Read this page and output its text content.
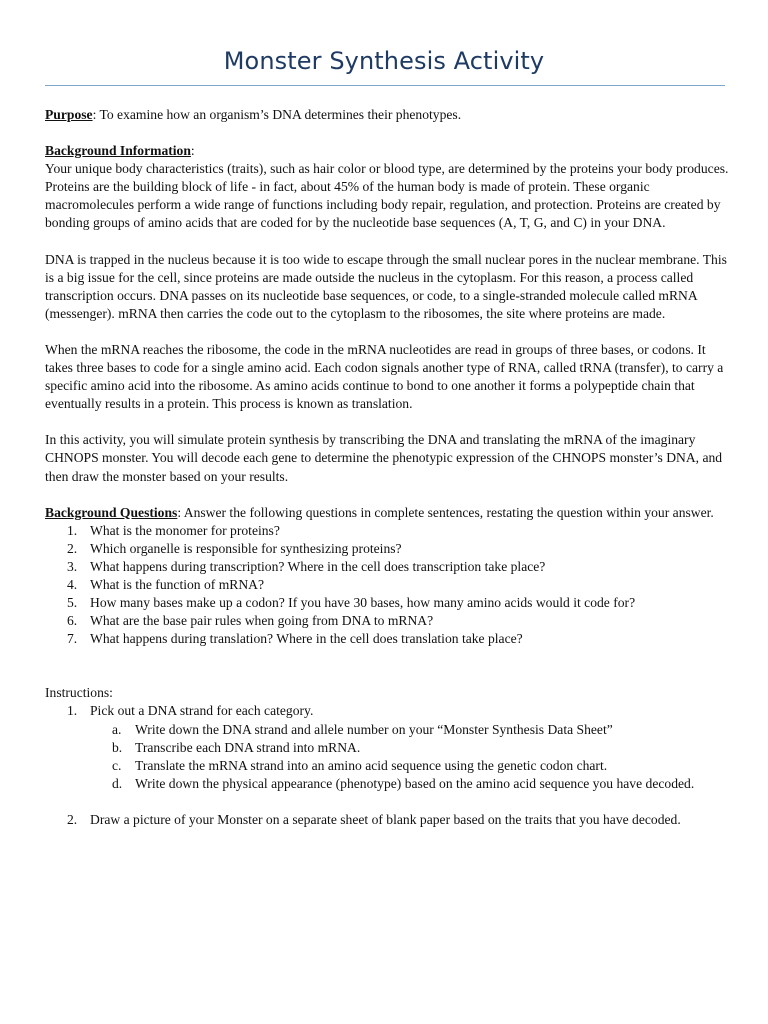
Monster Synthesis Activity

Purpose: To examine how an organism’s DNA determines their phenotypes.

Background Information:

Your unique body characteristics (traits), such as hair color or blood type, are determined by the proteins your body produces. Proteins are the building block of life - in fact, about 45% of the human body is made of protein. These organic macromolecules perform a wide range of functions including body repair, regulation, and protection. Proteins are created by bonding groups of amino acids that are coded for by the nucleotide base sequences (A, T, G, and C) in your DNA.

DNA is trapped in the nucleus because it is too wide to escape through the small nuclear pores in the nuclear membrane. This is a big issue for the cell, since proteins are made outside the nucleus in the cytoplasm. For this reason, a process called transcription occurs. DNA passes on its nucleotide base sequences, or code, to a single-stranded molecule called mRNA (messenger). mRNA then carries the code out to the cytoplasm to the ribosomes, the site where proteins are made.

When the mRNA reaches the ribosome, the code in the mRNA nucleotides are read in groups of three bases, or codons. It takes three bases to code for a single amino acid. Each codon signals another type of RNA, called tRNA (transfer), to carry a specific amino acid into the ribosome. As amino acids continue to bond to one another it forms a polypeptide chain that eventually results in a protein. This process is known as translation.

In this activity, you will simulate protein synthesis by transcribing the DNA and translating the mRNA of the imaginary CHNOPS monster. You will decode each gene to determine the phenotypic expression of the CHNOPS monster’s DNA, and then draw the monster based on your results.

Background Questions: Answer the following questions in complete sentences, restating the question within your answer.

1. What is the monomer for proteins?
2. Which organelle is responsible for synthesizing proteins?
3. What happens during transcription? Where in the cell does transcription take place?
4. What is the function of mRNA?
5. How many bases make up a codon? If you have 30 bases, how many amino acids would it code for?
6. What are the base pair rules when going from DNA to mRNA?
7. What happens during translation? Where in the cell does translation take place?

Instructions:

1. Pick out a DNA strand for each category.
a. Write down the DNA strand and allele number on your “Monster Synthesis Data Sheet”
b. Transcribe each DNA strand into mRNA.
c. Translate the mRNA strand into an amino acid sequence using the genetic codon chart.
d. Write down the physical appearance (phenotype) based on the amino acid sequence you have decoded.
2. Draw a picture of your Monster on a separate sheet of blank paper based on the traits that you have decoded.
